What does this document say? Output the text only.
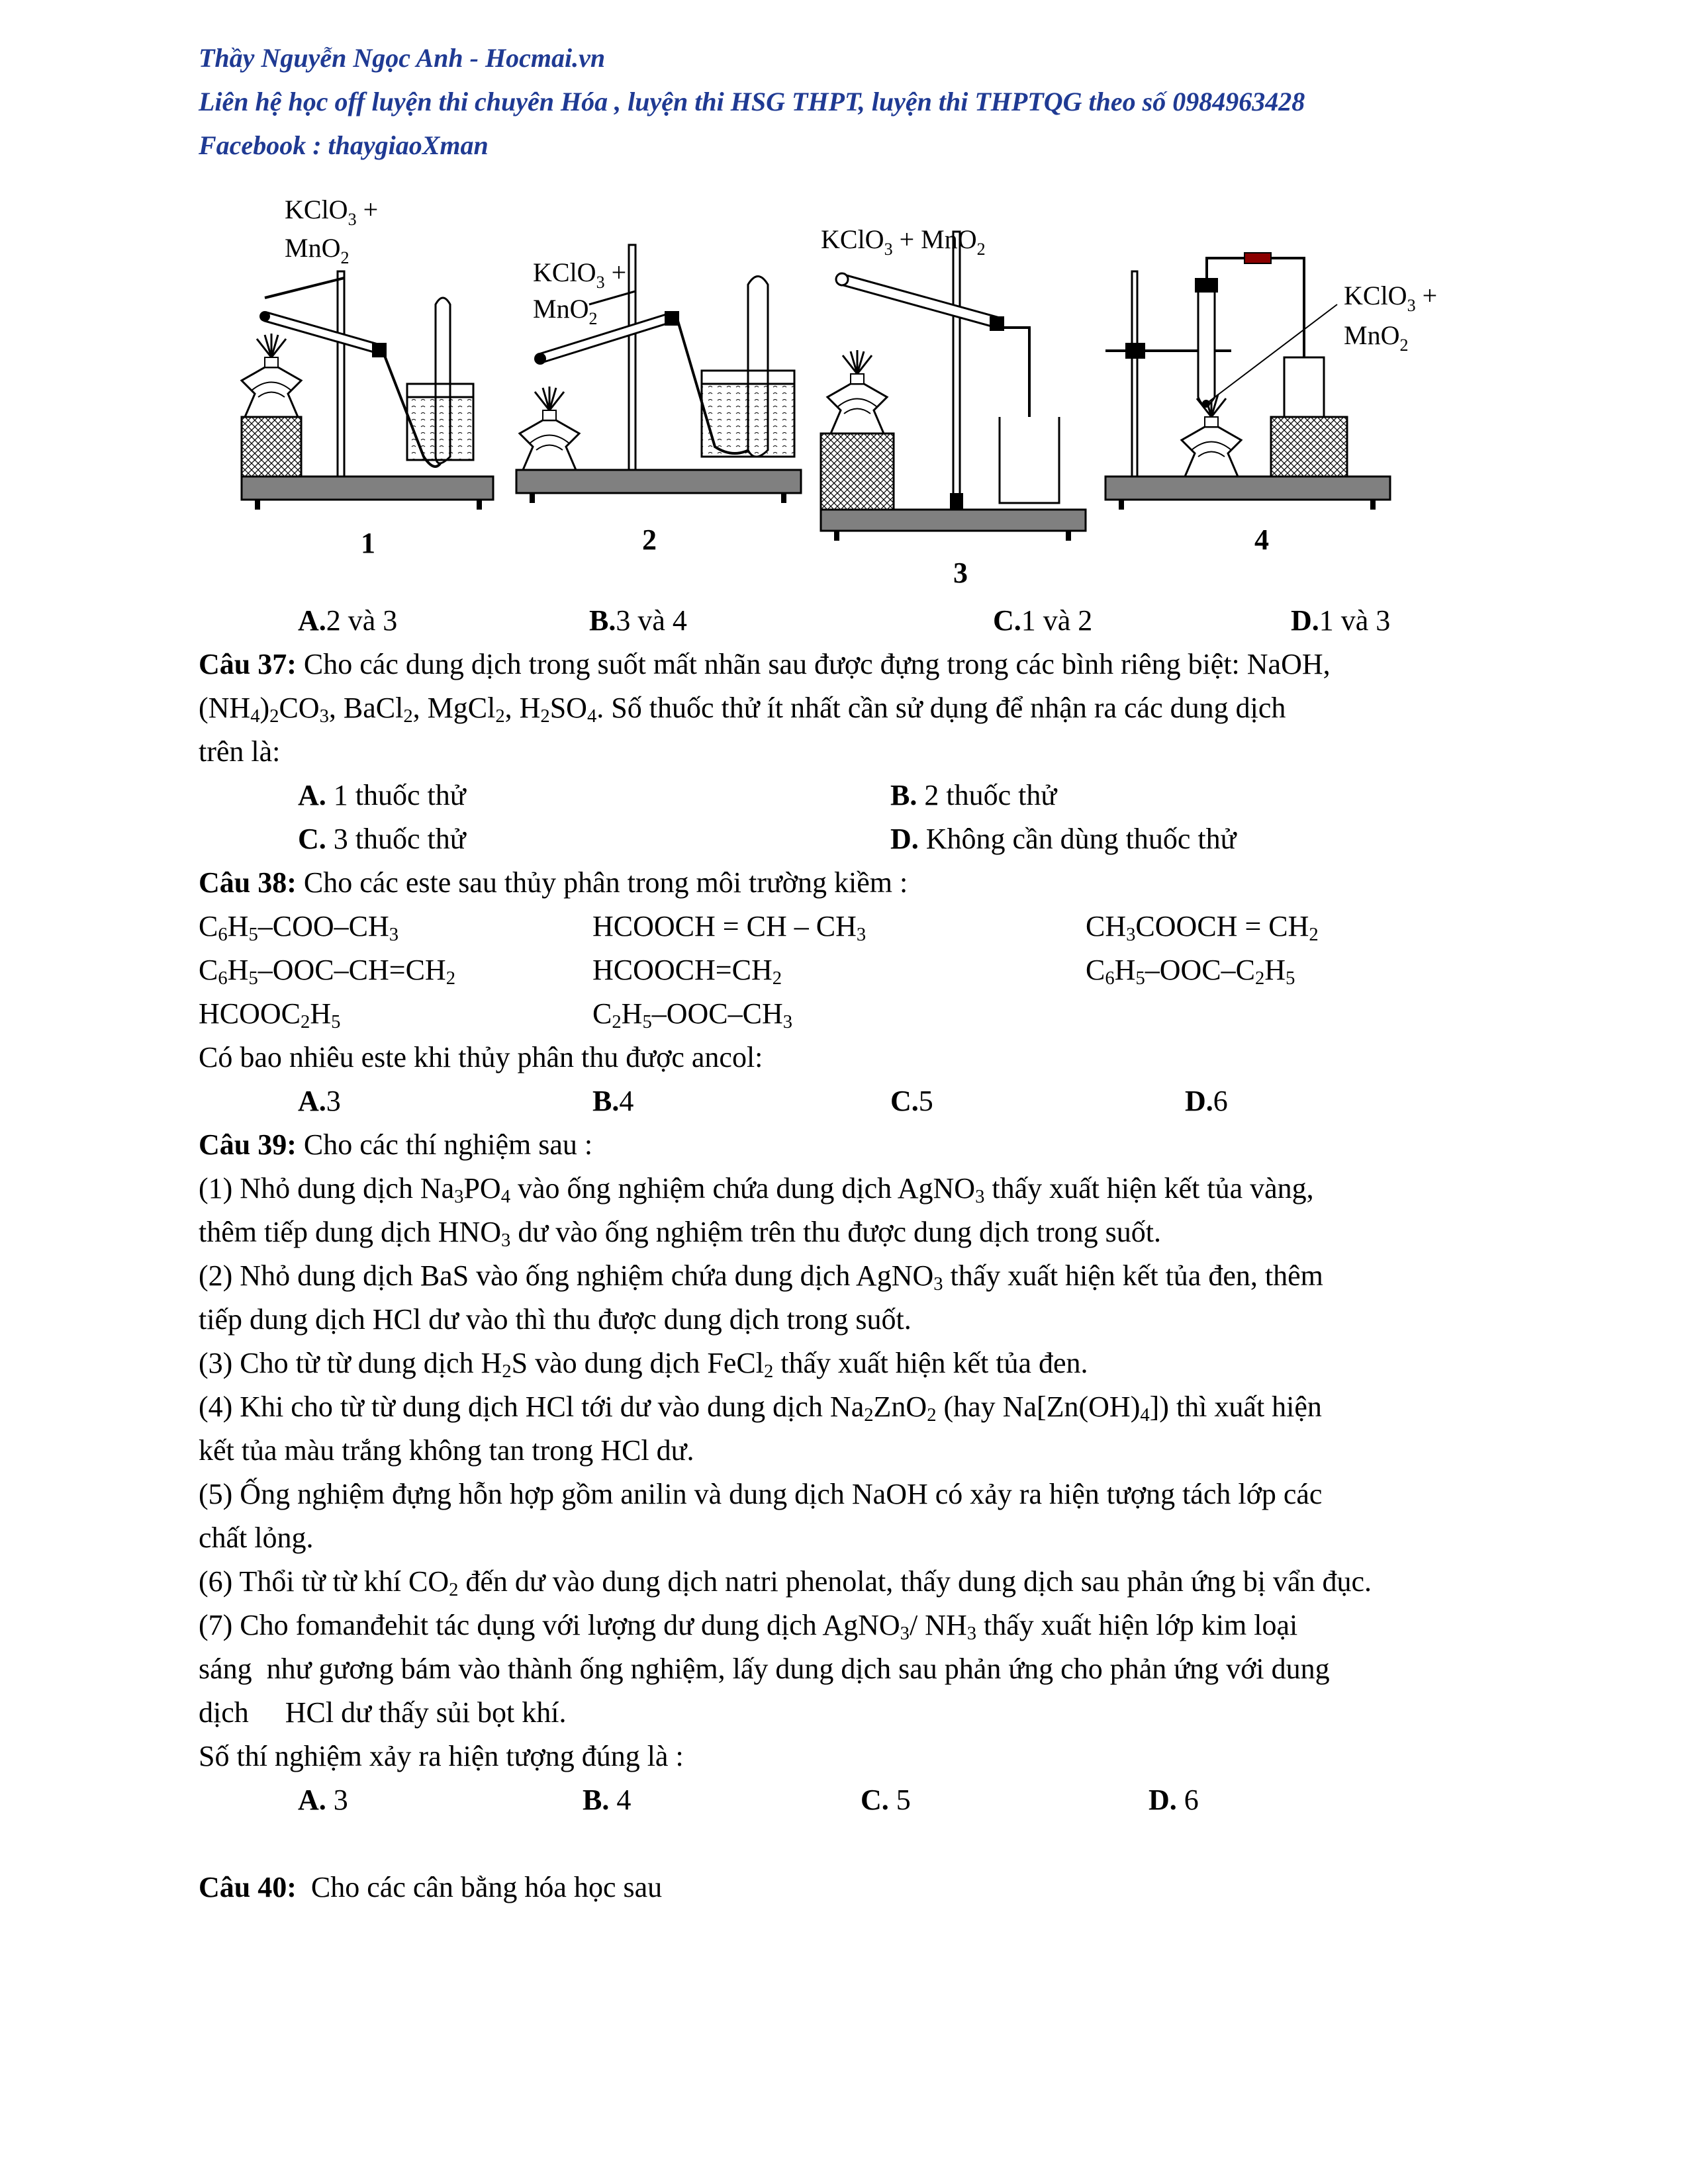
Thầy Nguyễn Ngọc Anh - Hocmai.vn
Liên hệ học off luyện thi chuyên Hóa , luyện thi HSG THPT, luyện thi THPTQG theo số 0984963428
Facebook : thaygiaoXman
KClO$_3$ +
MnO$_2$
1
KClO$_3$ +
MnO$_2$
2
KClO$_3$ + MnO$_2$
3
KClO$_3$ +
MnO$_2$
4
A.2 và 3	B.3 và 4	C.1 và 2	D.1 và 3
Câu 37: Cho các dung dịch trong suốt mất nhãn sau được đựng trong các bình riêng biệt: NaOH,
$(NH_4)_2CO_3$, BaCl$_2$, MgCl$_2$, $H_2SO_4$. Số thuốc thử ít nhất cần sử dụng để nhận ra các dung dịch
trên là:
A. 1 thuốc thử	B. 2 thuốc thử
C. 3 thuốc thử	D. Không cần dùng thuốc thử
Câu 38: Cho các este sau thủy phân trong môi trường kiềm :
$C_6H_5-COO-CH_3$	HCOOCH = CH – $CH_3$	$CH_3COOCH = CH_2$
$C_6H_5-OOC-CH=CH_2$	$HCOOCH=CH_2$	$C_6H_5-OOC-C_2H_5$
$HCOOC_2H_5$	$C_2H_5-OOC-CH_3$
Có bao nhiêu este khi thủy phân thu được ancol:
A.3	B.4	C.5	D.6
Câu 39: Cho các thí nghiệm sau :
(1) Nhỏ dung dịch $Na_3PO_4$ vào ống nghiệm chứa dung dịch AgNO$_3$ thấy xuất hiện kết tủa vàng,
thêm tiếp dung dịch $HNO_3$ dư vào ống nghiệm trên thu được dung dịch trong suốt.
(2) Nhỏ dung dịch BaS vào ống nghiệm chứa dung dịch AgNO$_3$ thấy xuất hiện kết tủa đen, thêm
tiếp dung dịch HCl dư vào thì thu được dung dịch trong suốt.
(3) Cho từ từ dung dịch $H_2S$ vào dung dịch FeCl$_2$ thấy xuất hiện kết tủa đen.
(4) Khi cho từ từ dung dịch HCl tới dư vào dung dịch $Na_2ZnO_2$ (hay $Na[Zn(OH)_4]$) thì xuất hiện
kết tủa màu trắng không tan trong HCl dư.
(5) Ống nghiệm đựng hỗn hợp gồm anilin và dung dịch NaOH có xảy ra hiện tượng tách lớp các
chất lỏng.
(6) Thổi từ từ khí $CO_2$ đến dư vào dung dịch natri phenolat, thấy dung dịch sau phản ứng bị vẩn đục.
(7) Cho fomanđehit tác dụng với lượng dư dung dịch AgNO$_3$/ $NH_3$ thấy xuất hiện lớp kim loại
sáng  như gương bám vào thành ống nghiệm, lấy dung dịch sau phản ứng cho phản ứng với dung
dịch     HCl dư thấy sủi bọt khí.
Số thí nghiệm xảy ra hiện tượng đúng là :
A. 3	B. 4	C. 5	D. 6
Câu 40:  Cho các cân bằng hóa học sau
